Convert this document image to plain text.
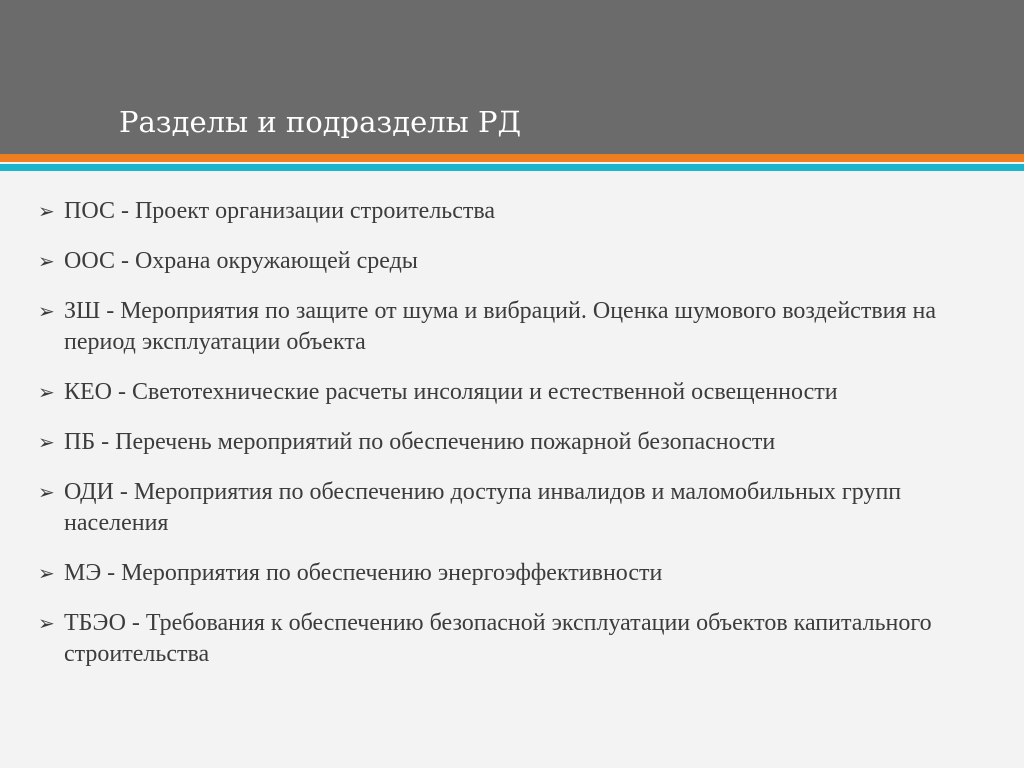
Разделы и подразделы РД
➢ ПОС - Проект организации строительства
➢ ООС - Охрана окружающей среды
➢ ЗШ - Мероприятия по защите от шума и вибраций. Оценка шумового воздействия на период эксплуатации объекта
➢ КЕО - Светотехнические расчеты инсоляции и естественной освещенности
➢ ПБ - Перечень мероприятий по обеспечению пожарной безопасности
➢ ОДИ - Мероприятия по обеспечению доступа инвалидов и маломобильных групп населения
➢ МЭ - Мероприятия по обеспечению энергоэффективности
➢ ТБЭО - Требования к обеспечению безопасной эксплуатации объектов капитального строительства
